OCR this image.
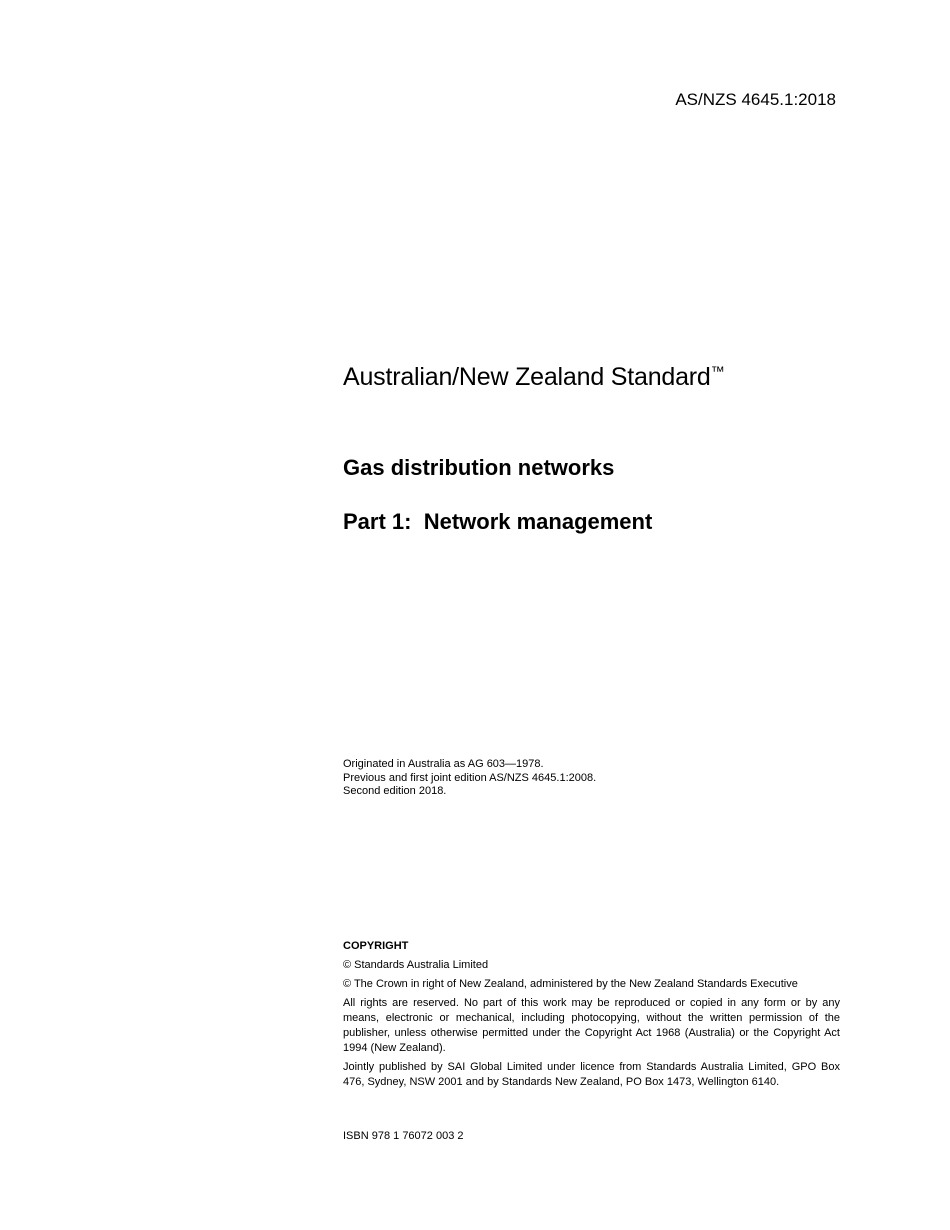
AS/NZS 4645.1:2018
Australian/New Zealand Standard™
Gas distribution networks
Part 1:  Network management
Originated in Australia as AG 603—1978.
Previous and first joint edition AS/NZS 4645.1:2008.
Second edition 2018.
COPYRIGHT
© Standards Australia Limited
© The Crown in right of New Zealand, administered by the New Zealand Standards Executive
All rights are reserved. No part of this work may be reproduced or copied in any form or by any means, electronic or mechanical, including photocopying, without the written permission of the publisher, unless otherwise permitted under the Copyright Act 1968 (Australia) or the Copyright Act 1994 (New Zealand).
Jointly published by SAI Global Limited under licence from Standards Australia Limited, GPO Box 476, Sydney, NSW 2001 and by Standards New Zealand, PO Box 1473, Wellington 6140.
ISBN 978 1 76072 003 2
